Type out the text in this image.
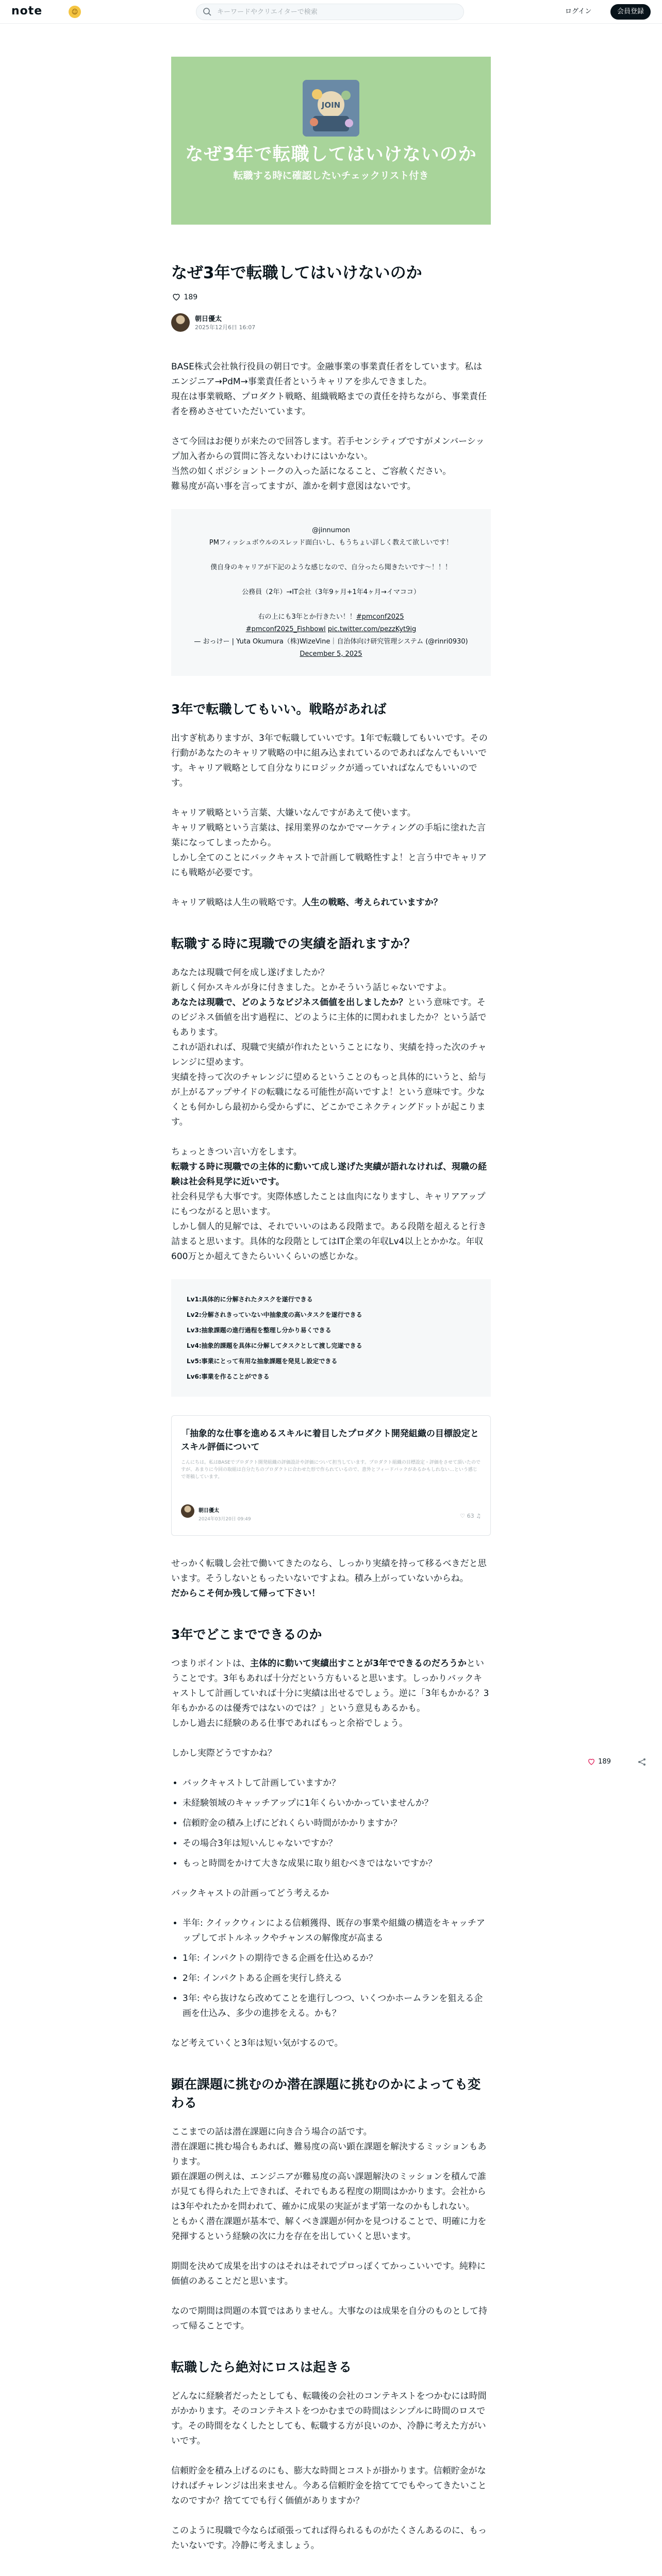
note	☺
キーワードやクリエイターで検索	ログイン	会員登録
JOIN
なぜ3年で転職してはいけないのか
転職する時に確認したいチェックリスト付き
なぜ3年で転職してはいけないのか
189
朝日優太
2025年12月6日 16:07

BASE株式会社執行役員の朝日です。金融事業の事業責任者をしています。私はエンジニア→PdM→事業責任者というキャリアを歩んできました。
現在は事業戦略、プロダクト戦略、組織戦略までの責任を持ちながら、事業責任者を務めさせていただいています。

さて今回はお便りが来たので回答します。若手センシティブですがメンバーシップ加入者からの質問に答えないわけにはいかない。
当然の如くポジショントークの入った話になること、ご容赦ください。
難易度が高い事を言ってますが、誰かを刺す意図はないです。

@jinnumon
PMフィッシュボウルのスレッド面白いし、もうちょい詳しく教えて欲しいです！

僕自身のキャリアが下記のような感じなので、自分ったら聞きたいです〜！！！

公務員（2年）→IT会社（3年9ヶ月+1年4ヶ月→イマココ）

右の上にも3年とか行きたい！！#pmconf2025
#pmconf2025_Fishbowl pic.twitter.com/pezzKyt9ig
— おっけー | Yuta Okumura（株)WizeVine｜自治体向け研究管理システム (@rinri0930) December 5, 2025
3年で転職してもいい。戦略があれば

出すぎ杭ありますが、3年で転職していいです。1年で転職してもいいです。その行動があなたのキャリア戦略の中に組み込まれているのであればなんでもいいです。キャリア戦略として自分なりにロジックが通っていればなんでもいいのです。

キャリア戦略という言葉、大嫌いなんですがあえて使います。
キャリア戦略という言葉は、採用業界のなかでマーケティングの手垢に塗れた言葉になってしまったから。
しかし全てのことにバックキャストで計画して戦略性すよ！と言う中でキャリアにも戦略が必要です。

キャリア戦略は人生の戦略です。人生の戦略、考えられていますか？

転職する時に現職での実績を語れますか？

あなたは現職で何を成し遂げましたか？
新しく何かスキルが身に付きました。とかそういう話じゃないですよ。
あなたは現職で、どのようなビジネス価値を出しましたか？という意味です。そのビジネス価値を出す過程に、どのように主体的に関われましたか？という話でもあります。
これが語れれば、現職で実績が作れたということになり、実績を持った次のチャレンジに望めます。
実績を持って次のチャレンジに望めるということのもっと具体的にいうと、給与が上がるアップサイドの転職になる可能性が高いですよ！という意味です。少なくとも何かしら最初から受からずに、どこかでこネクティングドットが起こります。

ちょっときつい言い方をします。
転職する時に現職での主体的に動いて成し遂げた実績が語れなければ、現職の経験は社会科見学に近いです。
社会科見学も大事です。実際体感したことは血肉になりますし、キャリアアップにもつながると思います。
しかし個人的見解では、それでいいのはある段階まで。ある段階を超えると行き詰まると思います。具体的な段階としてはIT企業の年収Lv4以上とかかな。年収600万とか超えてきたらいいくらいの感じかな。

Lv1:具体的に分解されたタスクを遂行できる
Lv2:分解されきっていない中抽象度の高いタスクを遂行できる
Lv3:抽象課題の進行過程を整理し分かり易くできる
Lv4:抽象的課題を具体に分解してタスクとして渡し完遂できる
Lv5:事業にとって有用な抽象課題を発見し設定できる
Lv6:事業を作ることができる
「抽象的な仕事を進めるスキルに着目したプロダクト開発組織の目標設定とスキル評価について
こんにちは。私はBASEでプロダクト開発組織の評価設計や評価について担当しています。プロダクト組織の目標設定・評価をさせて頂いたのですが、あまりに今回の取組は自分たちのプロダクトに合わせた形で作られているので、意外とフィードバックがあるかもしれない…という感じで寄稿しています。
朝日優太
2024年03月20日 09:49	♡ 63 ♫

せっかく転職し会社で働いてきたのなら、しっかり実績を持って移るべきだと思います。そうしないともったいないですよね。積み上がっていないからね。
だからこそ何か残して帰って下さい！

3年でどこまでできるのか

つまりポイントは、主体的に動いて実績出すことが3年でできるのだろうかということです。3年もあれば十分だという方もいると思います。しっかりバックキャストして計画していれば十分に実績は出せるでしょう。逆に「3年もかかる？3年もかかるのは優秀ではないのでは？」という意見もあるかも。
しかし過去に経験のある仕事であればもっと余裕でしょう。

しかし実際どうですかね？

• バックキャストして計画していますか？
• 未経験領域のキャッチアップに1年くらいかかっていませんか？
• 信頼貯金の積み上げにどれくらい時間がかかりますか？
• その場合3年は短いんじゃないですか？
• もっと時間をかけて大きな成果に取り組むべきではないですか？

バックキャストの計画ってどう考えるか

• 半年: クイックウィンによる信頼獲得、既存の事業や組織の構造をキャッチアップしてボトルネックやチャンスの解像度が高まる
• 1年: インパクトの期待できる企画を仕込めるか？
• 2年: インパクトある企画を実行し終える
• 3年: やら抜けなら改めてことを進行しつつ、いくつかホームランを狙える企画を仕込み、多少の進捗をえる。かも？

など考えていくと3年は短い気がするので。

顕在課題に挑むのか潜在課題に挑むのかによっても変わる

ここまでの話は潜在課題に向き合う場合の話です。
潜在課題に挑む場合もあれば、難易度の高い顕在課題を解決するミッションもあります。
顕在課題の例えは、エンジニアが難易度の高い課題解決のミッションを積んで誰が見ても得られた上できれば、それでもある程度の期間はかかります。会社からは3年やれたかを問われて、確かに成果の実証がまず第一なのかもしれない。
ともかく潜在課題が基本で、解くべき課題が何かを見つけることで、明確に力を発揮するという経験の次に力を存在を出していくと思います。

期間を決めて成果を出すのはそれはそれでプロっぽくてかっこいいです。純粋に価値のあることだと思います。

なので期間は問題の本質ではありません。大事なのは成果を自分のものとして持って帰ることです。

転職したら絶対にロスは起きる

どんなに経験者だったとしても、転職後の会社のコンテキストをつかむには時間がかかります。そのコンテキストをつかむまでの時間はシンプルに時間のロスです。その時間をなくしたとしても、転職する方が良いのか、冷静に考えた方がいいです。

信頼貯金を積み上げるのにも、膨大な時間とコストが掛かります。信頼貯金がなければチャレンジは出来ません。今ある信頼貯金を捨ててでもやってきたいことなのですか？捨ててでも行く価値がありますか？

このように現職で今ならば頑張ってれば得られるものがたくさんあるのに、もったいないです。冷静に考えましょう。

189
